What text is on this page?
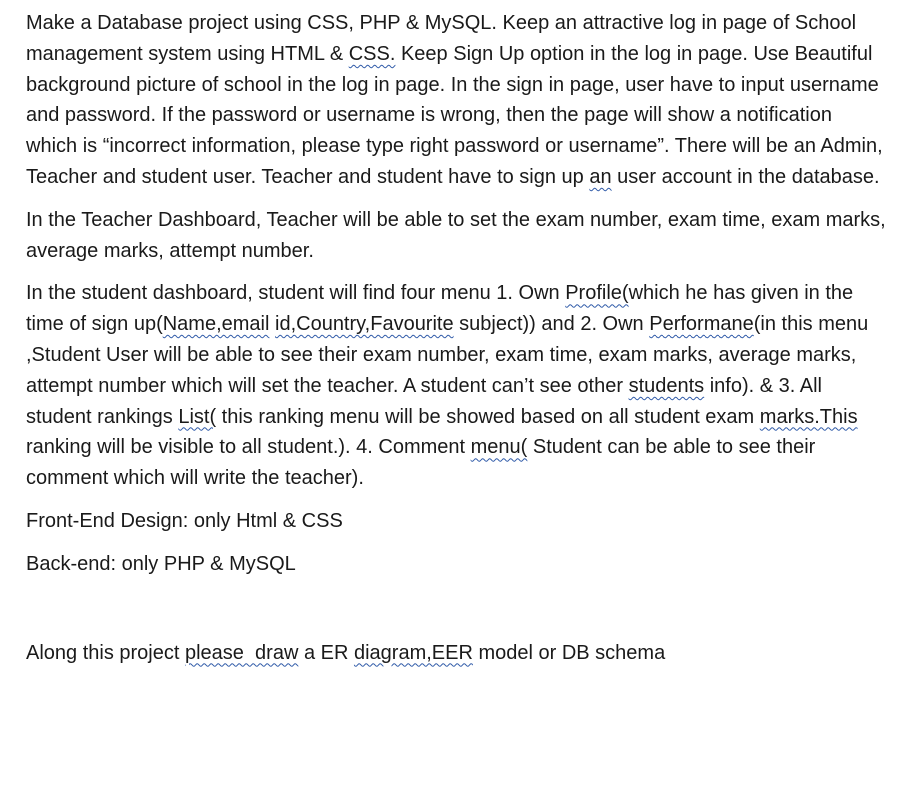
Make a Database project using CSS, PHP & MySQL. Keep an attractive log in page of School management system using HTML & CSS. Keep Sign Up option in the log in page. Use Beautiful background picture of school in the log in page. In the sign in page, user have to input username and password. If the password or username is wrong, then the page will show a notification which is “incorrect information, please type right password or username”. There will be an Admin, Teacher and student user. Teacher and student have to sign up an user account in the database.

In the Teacher Dashboard, Teacher will be able to set the exam number, exam time, exam marks, average marks, attempt number.

In the student dashboard, student will find four menu 1. Own Profile(which he has given in the time of sign up(Name,email id,Country,Favourite subject)) and 2. Own Performane(in this menu ,Student User will be able to see their exam number, exam time, exam marks, average marks, attempt number which will set the teacher. A student can’t see other students info). & 3. All student rankings List( this ranking menu will be showed based on all student exam marks.This ranking will be visible to all student.). 4. Comment menu( Student can be able to see their comment which will write the teacher).

Front-End Design: only Html & CSS

Back-end: only PHP & MySQL

Along this project please  draw a ER diagram,EER model or DB schema
